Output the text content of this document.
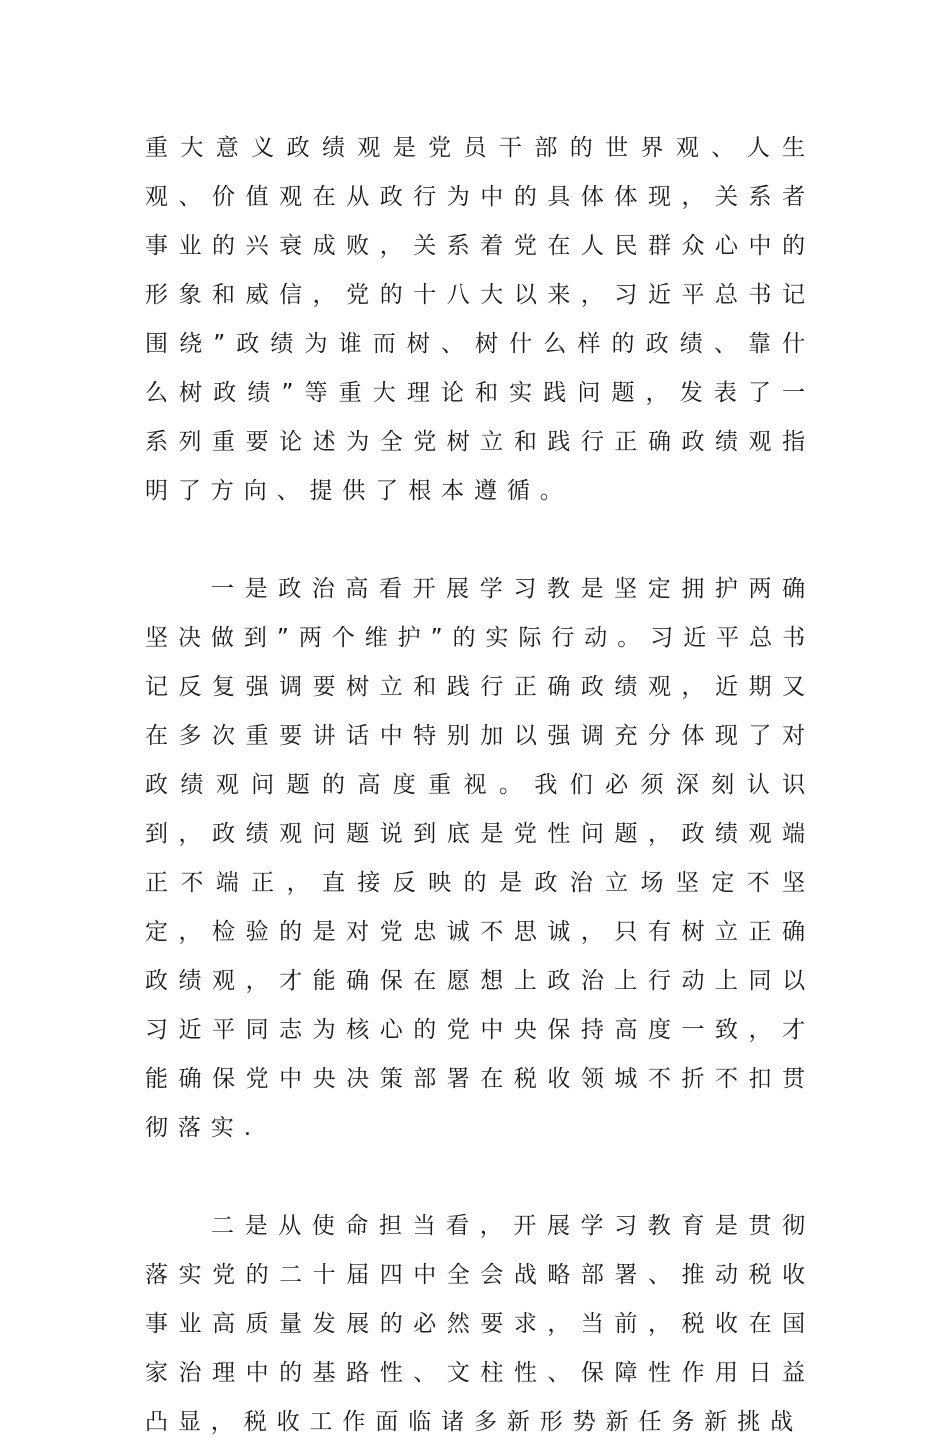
重大意义政绩观是党员干部的世界观、人生观、价值观在从政行为中的具体体现，关系者事业的兴衰成败，关系着党在人民群众心中的形象和威信，党的十八大以来，习近平总书记围绕”政绩为谁而树、树什么样的政绩、靠什么树政绩”等重大理论和实践问题，发表了一系列重要论述为全党树立和践行正确政绩观指明了方向、提供了根本遵循。

一是政治高看开展学习教是坚定拥护两确坚决做到”两个维护”的实际行动。习近平总书记反复强调要树立和践行正确政绩观，近期又在多次重要讲话中特别加以强调充分体现了对政绩观问题的高度重视。我们必须深刻认识到，政绩观问题说到底是党性问题，政绩观端正不端正，直接反映的是政治立场坚定不坚定，检验的是对党忠诚不思诚，只有树立正确政绩观，才能确保在愿想上政治上行动上同以习近平同志为核心的党中央保持高度一致，才能确保党中央决策部署在税收领城不折不扣贯彻落实.

二是从使命担当看，开展学习教育是贯彻落实党的二十届四中全会战略部署、推动税收事业高质量发展的必然要求，当前，税收在国家治理中的基路性、文柱性、保障性作用日益凸显，税收工作面临诸多新形势新任务新挑战
